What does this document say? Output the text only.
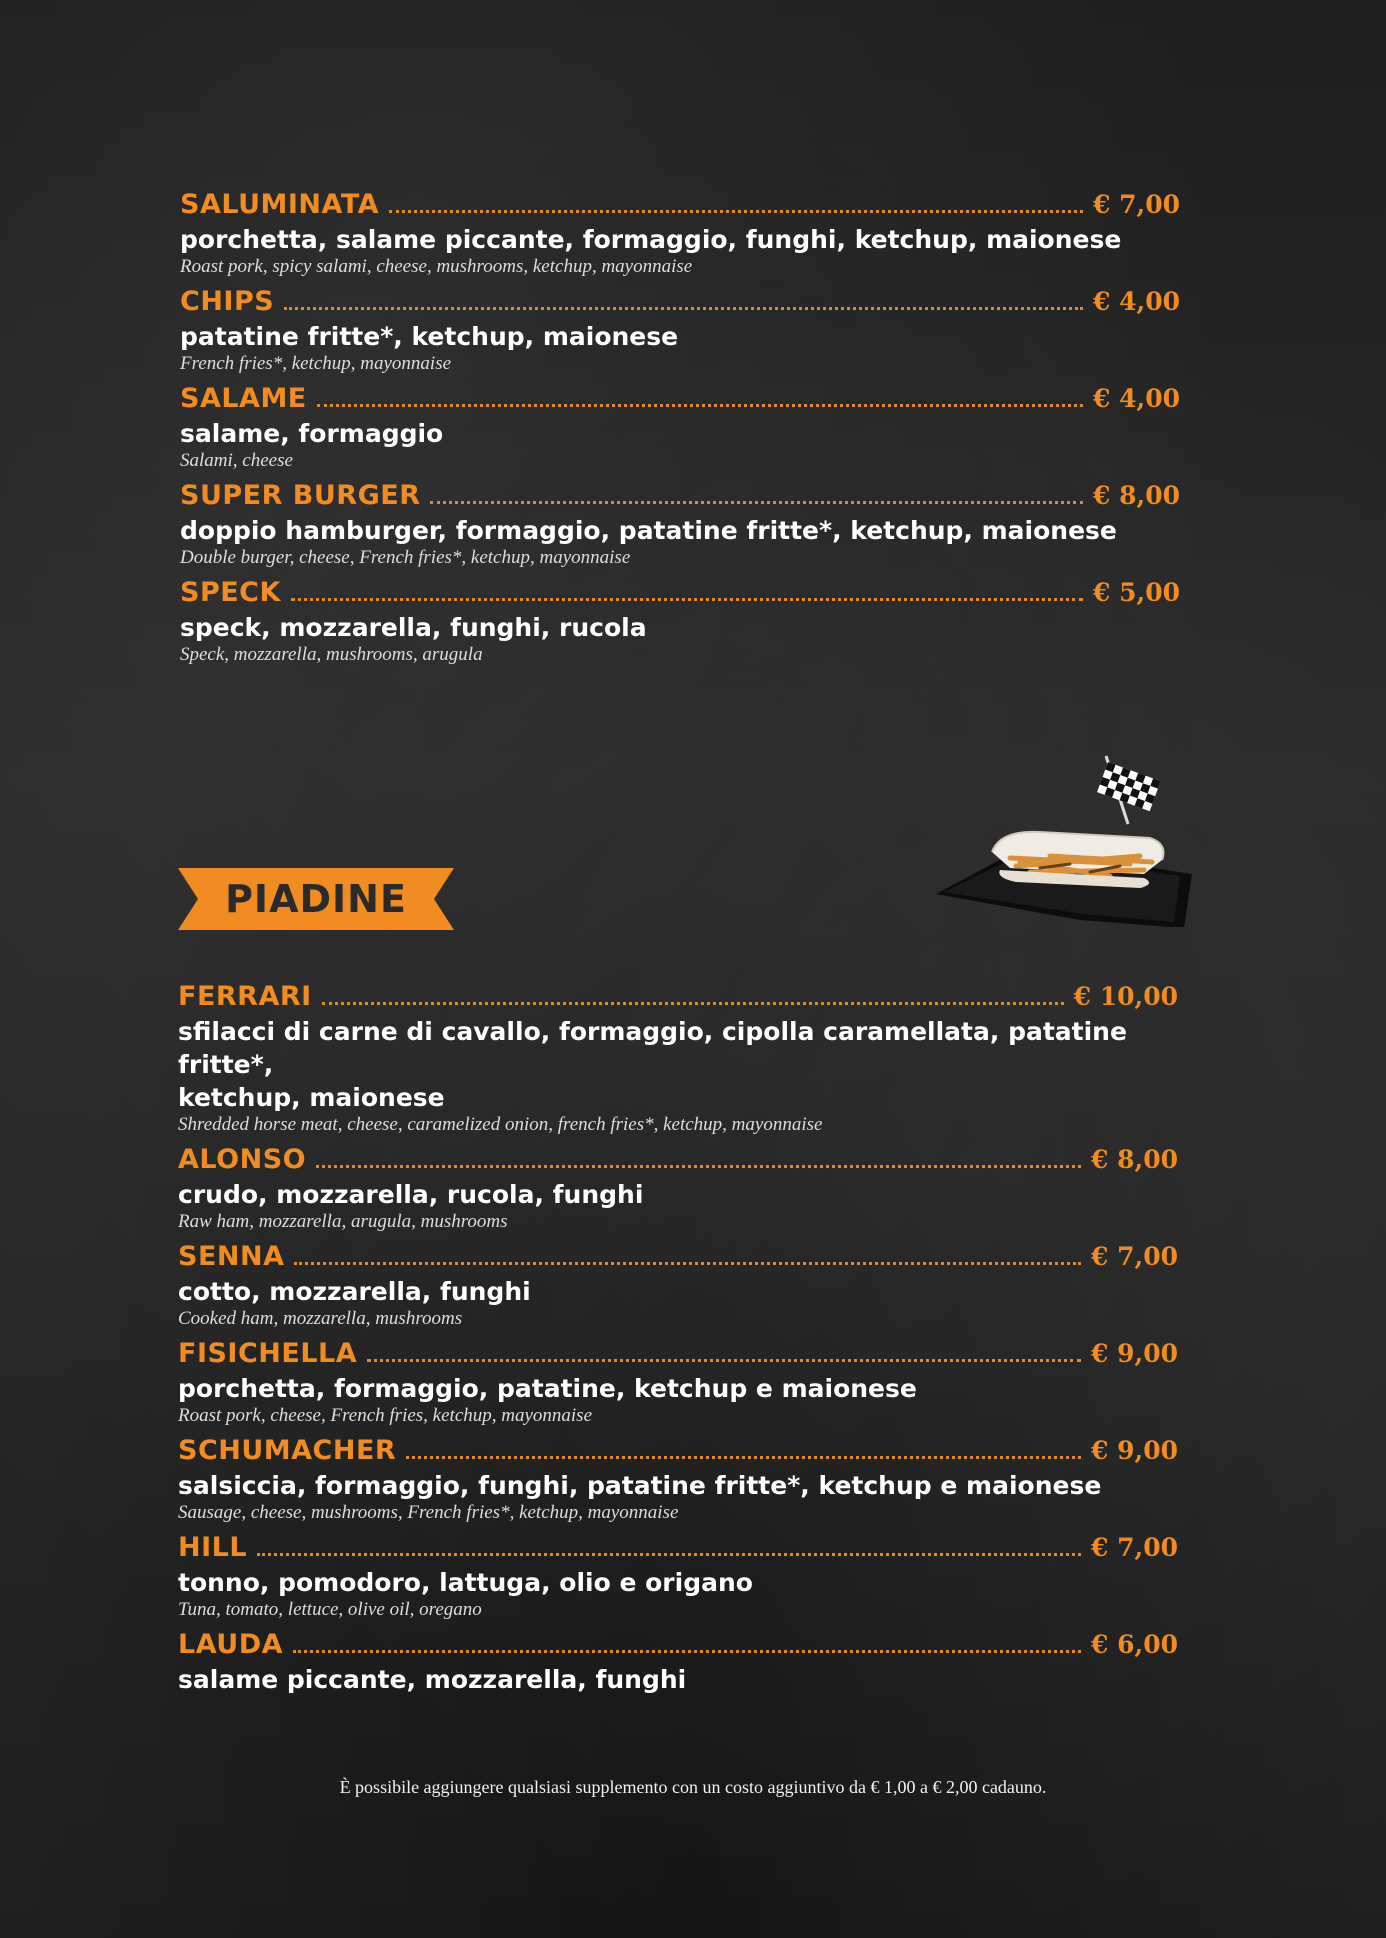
SALUMINATA	€ 7,00
porchetta, salame piccante, formaggio, funghi, ketchup, maionese
Roast pork, spicy salami, cheese, mushrooms, ketchup, mayonnaise
CHIPS	€ 4,00
patatine fritte*, ketchup, maionese
French fries*, ketchup, mayonnaise
SALAME	€ 4,00
salame, formaggio
Salami, cheese
SUPER BURGER	€ 8,00
doppio hamburger, formaggio, patatine fritte*, ketchup, maionese
Double burger, cheese, French fries*, ketchup, mayonnaise
SPECK	€ 5,00
speck, mozzarella, funghi, rucola
Speck, mozzarella, mushrooms, arugula
PIADINE
FERRARI	€ 10,00
sfilacci di carne di cavallo, formaggio, cipolla caramellata, patatine fritte*,
ketchup, maionese
Shredded horse meat, cheese, caramelized onion, french fries*, ketchup, mayonnaise
ALONSO	€ 8,00
crudo, mozzarella, rucola, funghi
Raw ham, mozzarella, arugula, mushrooms
SENNA	€ 7,00
cotto, mozzarella, funghi
Cooked ham, mozzarella, mushrooms
FISICHELLA	€ 9,00
porchetta, formaggio, patatine, ketchup e maionese
Roast pork, cheese, French fries, ketchup, mayonnaise
SCHUMACHER	€ 9,00
salsiccia, formaggio, funghi, patatine fritte*, ketchup e maionese
Sausage, cheese, mushrooms, French fries*, ketchup, mayonnaise
HILL	€ 7,00
tonno, pomodoro, lattuga, olio e origano
Tuna, tomato, lettuce, olive oil, oregano
LAUDA	€ 6,00
salame piccante, mozzarella, funghi
È possibile aggiungere qualsiasi supplemento con un costo aggiuntivo da € 1,00 a € 2,00 cadauno.
